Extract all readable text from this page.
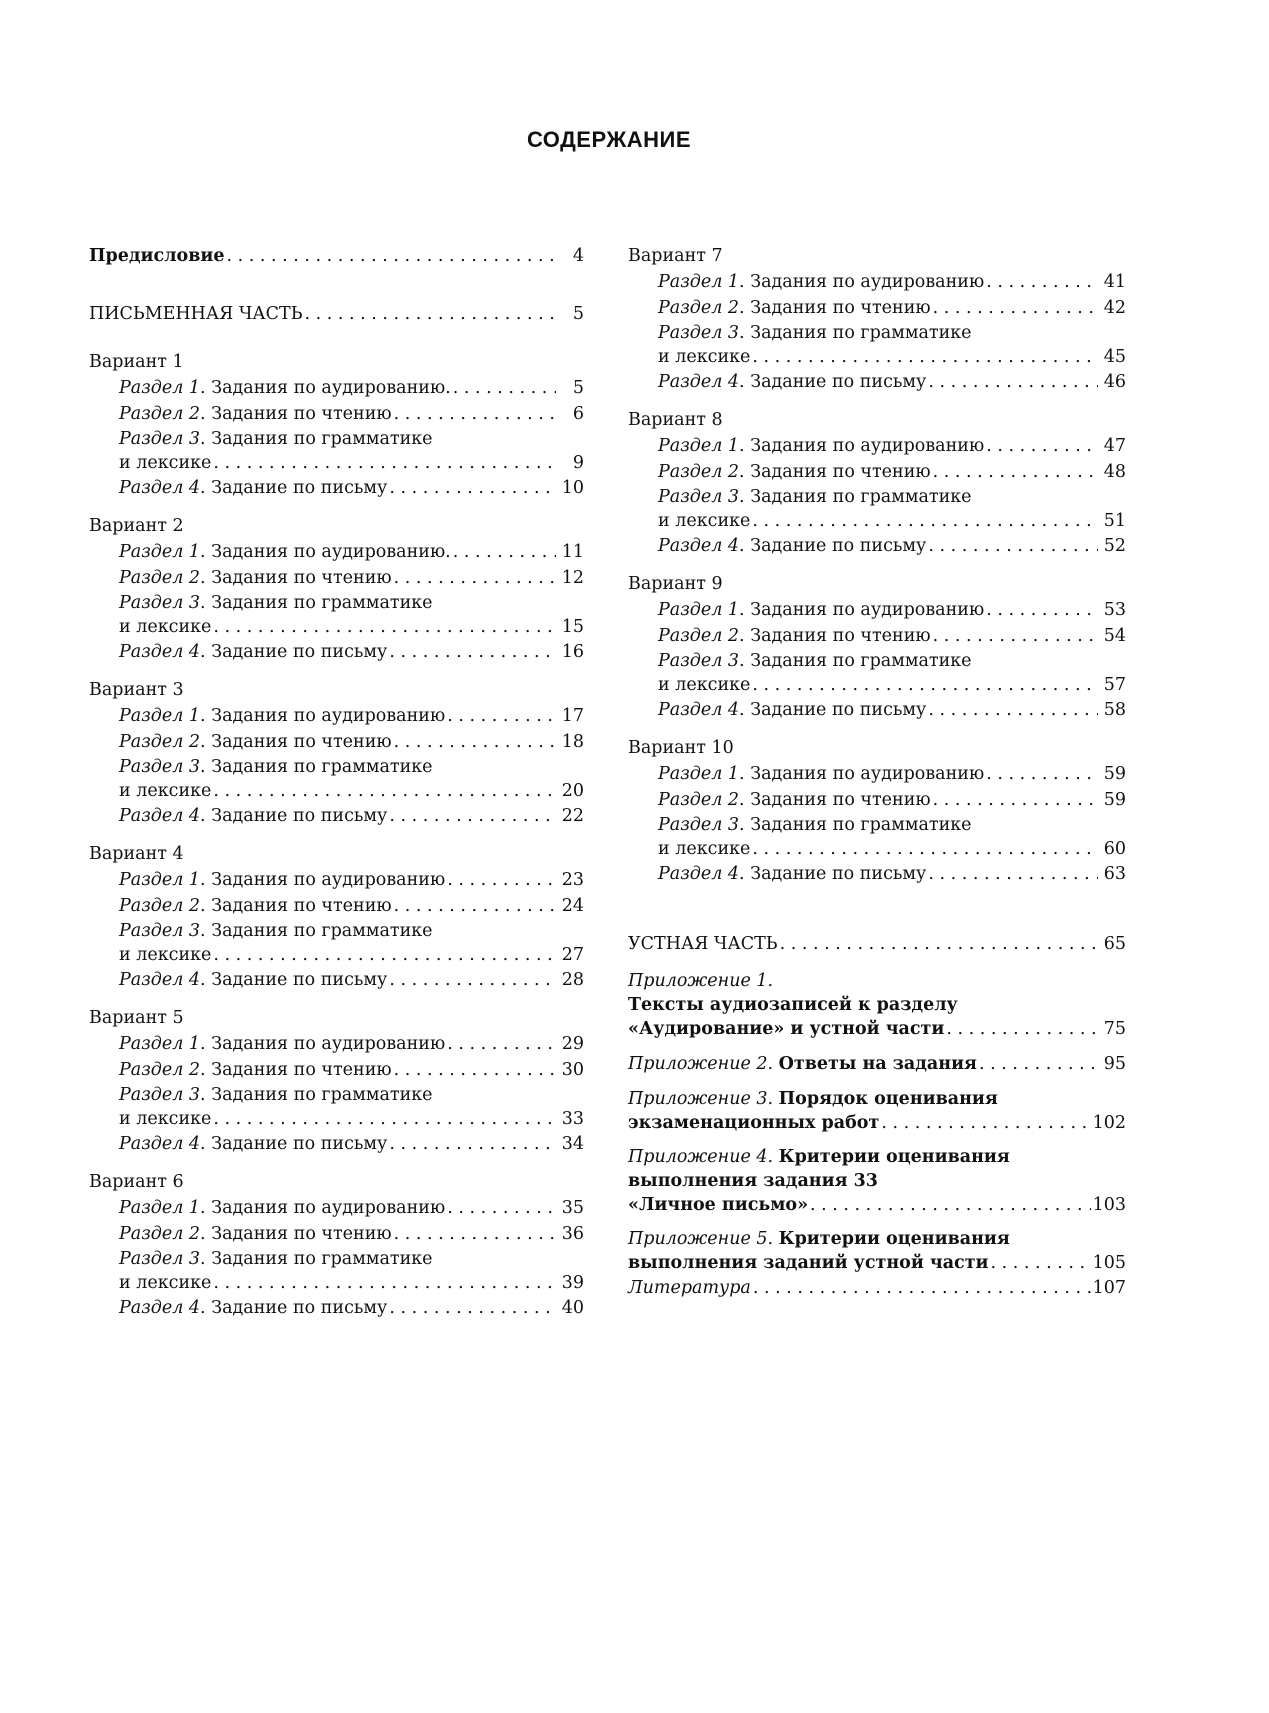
СОДЕРЖАНИЕ
Предисловие . . .	4
ПИСЬМЕННАЯ ЧАСТЬ . . .	5
Вариант 1
Раздел 1. Задания по аудированию. . . .	5
Раздел 2. Задания по чтению . . .	6
Раздел 3. Задания по грамматике
и лексике . . .	9
Раздел 4. Задание по письму . . .	10
Вариант 2
Раздел 1. Задания по аудированию. . . .	11
Раздел 2. Задания по чтению . . .	12
Раздел 3. Задания по грамматике
и лексике . . .	15
Раздел 4. Задание по письму . . .	16
Вариант 3
Раздел 1. Задания по аудированию . . .	17
Раздел 2. Задания по чтению . . .	18
Раздел 3. Задания по грамматике
и лексике . . .	20
Раздел 4. Задание по письму . . .	22
Вариант 4
Раздел 1. Задания по аудированию . . .	23
Раздел 2. Задания по чтению . . .	24
Раздел 3. Задания по грамматике
и лексике . . .	27
Раздел 4. Задание по письму . . .	28
Вариант 5
Раздел 1. Задания по аудированию . . .	29
Раздел 2. Задания по чтению . . .	30
Раздел 3. Задания по грамматике
и лексике . . .	33
Раздел 4. Задание по письму . . .	34
Вариант 6
Раздел 1. Задания по аудированию . . .	35
Раздел 2. Задания по чтению . . .	36
Раздел 3. Задания по грамматике
и лексике . . .	39
Раздел 4. Задание по письму . . .	40
Вариант 7
Раздел 1. Задания по аудированию . . .	41
Раздел 2. Задания по чтению . . .	42
Раздел 3. Задания по грамматике
и лексике . . .	45
Раздел 4. Задание по письму . . .	46
Вариант 8
Раздел 1. Задания по аудированию . . .	47
Раздел 2. Задания по чтению . . .	48
Раздел 3. Задания по грамматике
и лексике . . .	51
Раздел 4. Задание по письму . . .	52
Вариант 9
Раздел 1. Задания по аудированию . . .	53
Раздел 2. Задания по чтению . . .	54
Раздел 3. Задания по грамматике
и лексике . . .	57
Раздел 4. Задание по письму . . .	58
Вариант 10
Раздел 1. Задания по аудированию . . .	59
Раздел 2. Задания по чтению . . .	59
Раздел 3. Задания по грамматике
и лексике . . .	60
Раздел 4. Задание по письму . . .	63
УСТНАЯ ЧАСТЬ . . .	65
Приложение 1.
Тексты аудиозаписей к разделу
«Аудирование» и устной части . . .	75
Приложение 2. Ответы на задания . . .	95
Приложение 3. Порядок оценивания
экзаменационных работ . . .	102
Приложение 4. Критерии оценивания
выполнения задания 33
«Личное письмо» . . .	103
Приложение 5. Критерии оценивания
выполнения заданий устной части . . .	105
Литература . . .	107
